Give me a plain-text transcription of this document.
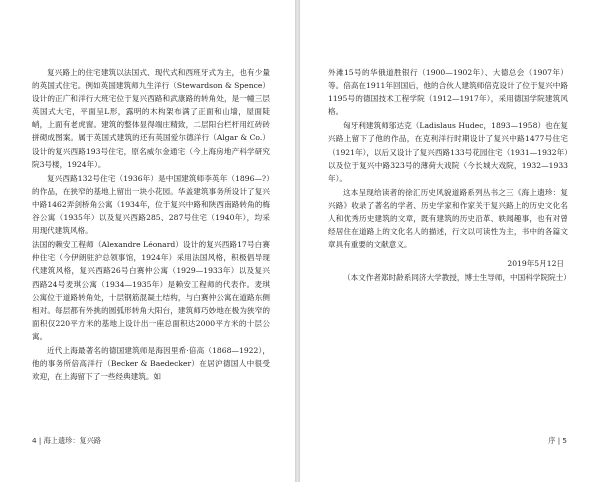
复兴路上的住宅建筑以法国式、现代式和西班牙式为主，也有少量的英国式住宅。例如英国建筑师九生洋行（Stewardson & Spence）设计的正广和洋行大班宅位于复兴西路和武康路的转角处，是一幢三层英国式大宅，平面呈L形，露明的木构架布满了正面和山墙，屋面陡峭，上面有老虎窗。建筑的整体显得端庄精致，二层阳台栏杆用红砖砖拼砌成图案。属于英国式建筑的还有英国爱尔德洋行（Algar & Co.）设计的复兴西路193号住宅，原名威尔金通宅（今上海房地产科学研究院3号楼，1924年）。

复兴西路132号住宅（1936年）是中国建筑师李英年（1896—?）的作品，在狭窄的基地上留出一块小花园。华盖建筑事务所设计了复兴中路1462弄剑桥角公寓（1934年，位于复兴中路和陕西南路转角的梅谷公寓（1935年）以及复兴西路285、287号住宅（1940年），均采用现代建筑风格。

法国的赖安工程师（Alexandre Léonard）设计的复兴西路17号白赛仲住宅（今伊朗驻沪总领事馆，1924年）采用法国风格，积极倡导现代建筑风格，复兴西路26号白赛仲公寓（1929—1933年）以及复兴西路24号麦琪公寓（1934—1935年）是赖安工程师的代表作。麦琪公寓位于道路转角处，十层钢筋混凝土结构，与白赛仲公寓在道路东侧相对。每层都有外挑的圆弧形转角大阳台，建筑师巧妙地在极为狭窄的面积仅220平方米的基地上设计出一座总面积达2000平方米的十层公寓。

近代上海最著名的德国建筑师是海因里希·倍高（1868—1922），他的事务所倍高洋行（Becker & Baedecker）在居沪德国人中很受欢迎，在上海留下了一些经典建筑。如

4 | 海上遗珍：复兴路

外滩15号的华俄道胜银行（1900—1902年）、大德总会（1907年）等。倍高在1911年回国后，他的合伙人建筑师倍克设计了位于复兴中路1195号的德国技术工程学院（1912—1917年），采用德国学院建筑风格。

匈牙利建筑师邬达克（Ladislaus Hudec，1893—1958）也在复兴路上留下了他的作品，在克利洋行时期设计了复兴中路1477号住宅（1921年），以后又设计了复兴西路133号花园住宅（1931—1932年）以及位于复兴中路323号的薄荷大戏院（今长城大戏院，1932—1933年）。

这本呈现给读者的徐汇历史风貌道路系列丛书之三《海上遗珍：复兴路》收录了著名的学者、历史学家和作家关于复兴路上的历史文化名人和优秀历史建筑的文章，既有建筑的历史沿革、轶闻趣事，也有对曾经居住在道路上的文化名人的描述，行文以可读性为主，书中的各篇文章具有重要的文献意义。

2019年5月12日

（本文作者郑时龄系同济大学教授，博士生导师，中国科学院院士）

序 | 5
